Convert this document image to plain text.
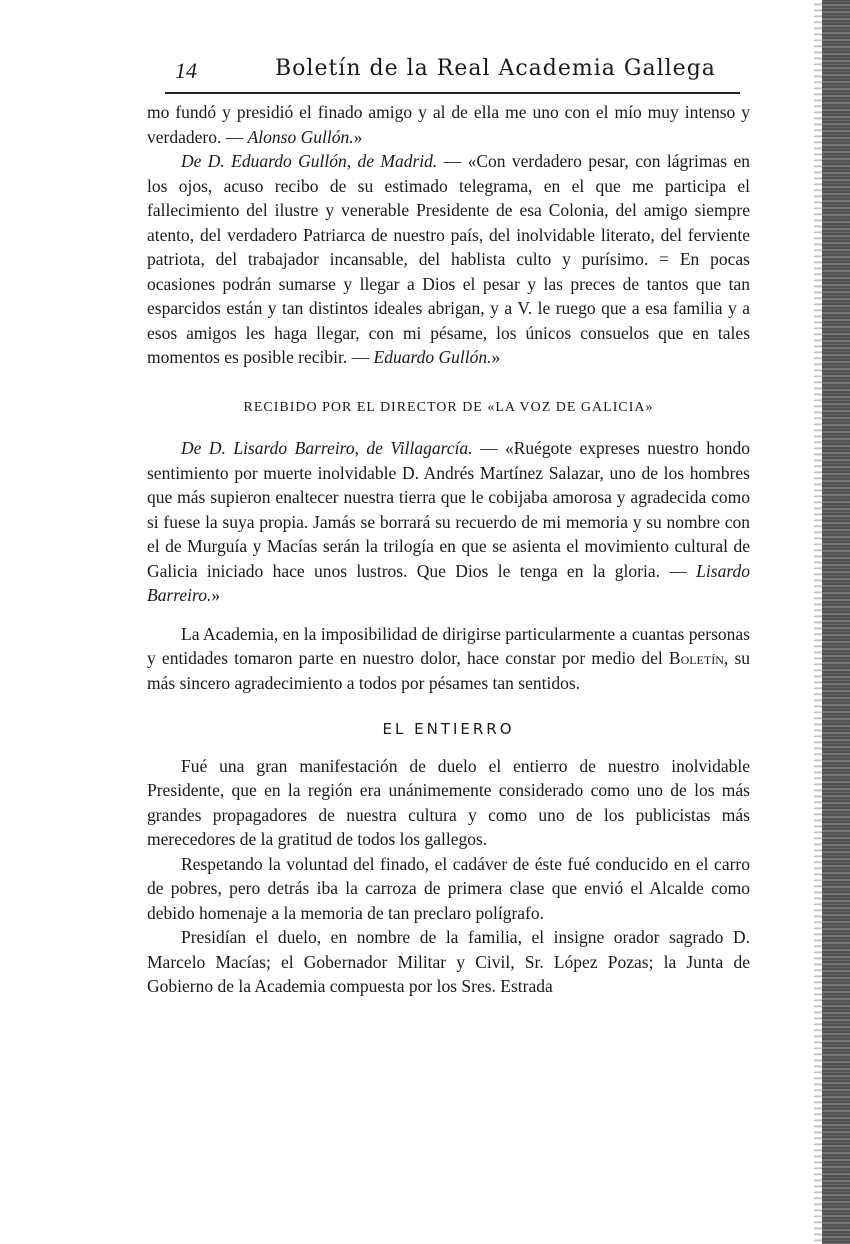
14	Boletín de la Real Academia Gallega

mo fundó y presidió el finado amigo y al de ella me uno con el mío muy intenso y verdadero. — Alonso Gullón.»

De D. Eduardo Gullón, de Madrid. — «Con verdadero pesar, con lágrimas en los ojos, acuso recibo de su estimado telegrama, en el que me participa el fallecimiento del ilustre y venerable Presidente de esa Colonia, del amigo siempre atento, del verdadero Patriarca de nuestro país, del inolvidable literato, del ferviente patriota, del trabajador incansable, del hablista culto y purísimo. = En pocas ocasiones podrán sumarse y llegar a Dios el pesar y las preces de tantos que tan esparcidos están y tan distintos ideales abrigan, y a V. le ruego que a esa familia y a esos amigos les haga llegar, con mi pésame, los únicos consuelos que en tales momentos es posible recibir. — Eduardo Gullón.»

RECIBIDO POR EL DIRECTOR DE «LA VOZ DE GALICIA»

De D. Lisardo Barreiro, de Villagarcía. — «Ruégote expreses nuestro hondo sentimiento por muerte inolvidable D. Andrés Martínez Salazar, uno de los hombres que más supieron enaltecer nuestra tierra que le cobijaba amorosa y agradecida como si fuese la suya propia. Jamás se borrará su recuerdo de mi memoria y su nombre con el de Murguía y Macías serán la trilogía en que se asienta el movimiento cultural de Galicia iniciado hace unos lustros. Que Dios le tenga en la gloria. — Lisardo Barreiro.»

La Academia, en la imposibilidad de dirigirse particularmente a cuantas personas y entidades tomaron parte en nuestro dolor, hace constar por medio del Boletín, su más sincero agradecimiento a todos por pésames tan sentidos.

EL ENTIERRO

Fué una gran manifestación de duelo el entierro de nuestro inolvidable Presidente, que en la región era unánimemente considerado como uno de los más grandes propagadores de nuestra cultura y como uno de los publicistas más merecedores de la gratitud de todos los gallegos.

Respetando la voluntad del finado, el cadáver de éste fué conducido en el carro de pobres, pero detrás iba la carroza de primera clase que envió el Alcalde como debido homenaje a la memoria de tan preclaro polígrafo.

Presidían el duelo, en nombre de la familia, el insigne orador sagrado D. Marcelo Macías; el Gobernador Militar y Civil, Sr. López Pozas; la Junta de Gobierno de la Academia compuesta por los Sres. Estrada
